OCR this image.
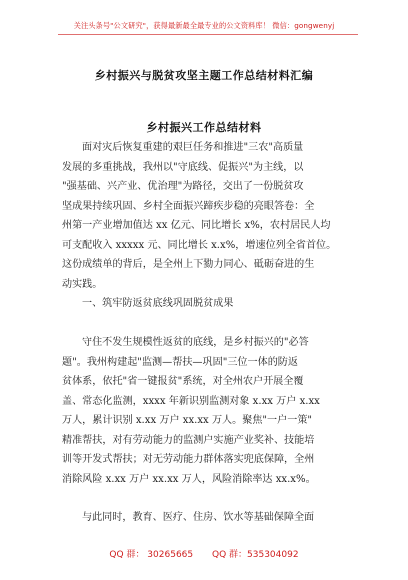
关注头条号"公文研究"，获得最新最全最专业的公文资料库！ 微信：gongwenyj
乡村振兴与脱贫攻坚主题工作总结材料汇编
乡村振兴工作总结材料
面对灾后恢复重建的艰巨任务和推进"三农"高质量
发展的多重挑战，我州以"守底线、促振兴"为主线，以
"强基础、兴产业、优治理"为路径，交出了一份脱贫攻
坚成果持续巩固、乡村全面振兴蹄疾步稳的亮眼答卷：全
州第一产业增加值达 xx 亿元、同比增长 x%，农村居民人均
可支配收入 xxxxx 元、同比增长 x.x%，增速位列全省首位。
这份成绩单的背后，是全州上下勠力同心、砥砺奋进的生
动实践。
一、筑牢防返贫底线巩固脱贫成果
守住不发生规模性返贫的底线，是乡村振兴的"必答
题"。我州构建起"监测—帮扶—巩固"三位一体的防返
贫体系，依托"省一键报贫"系统，对全州农户开展全覆
盖、常态化监测，xxxx 年新识别监测对象 x.xx 万户 x.xx
万人，累计识别 x.xx 万户 xx.xx 万人。聚焦"一户一策"
精准帮扶，对有劳动能力的监测户实施产业奖补、技能培
训等开发式帮扶；对无劳动能力群体落实兜底保障，全州
消除风险 x.xx 万户 xx.xx 万人，风险消除率达 xx.x%。
与此同时，教育、医疗、住房、饮水等基础保障全面
QQ 群： 30265665 QQ 群：535304092
